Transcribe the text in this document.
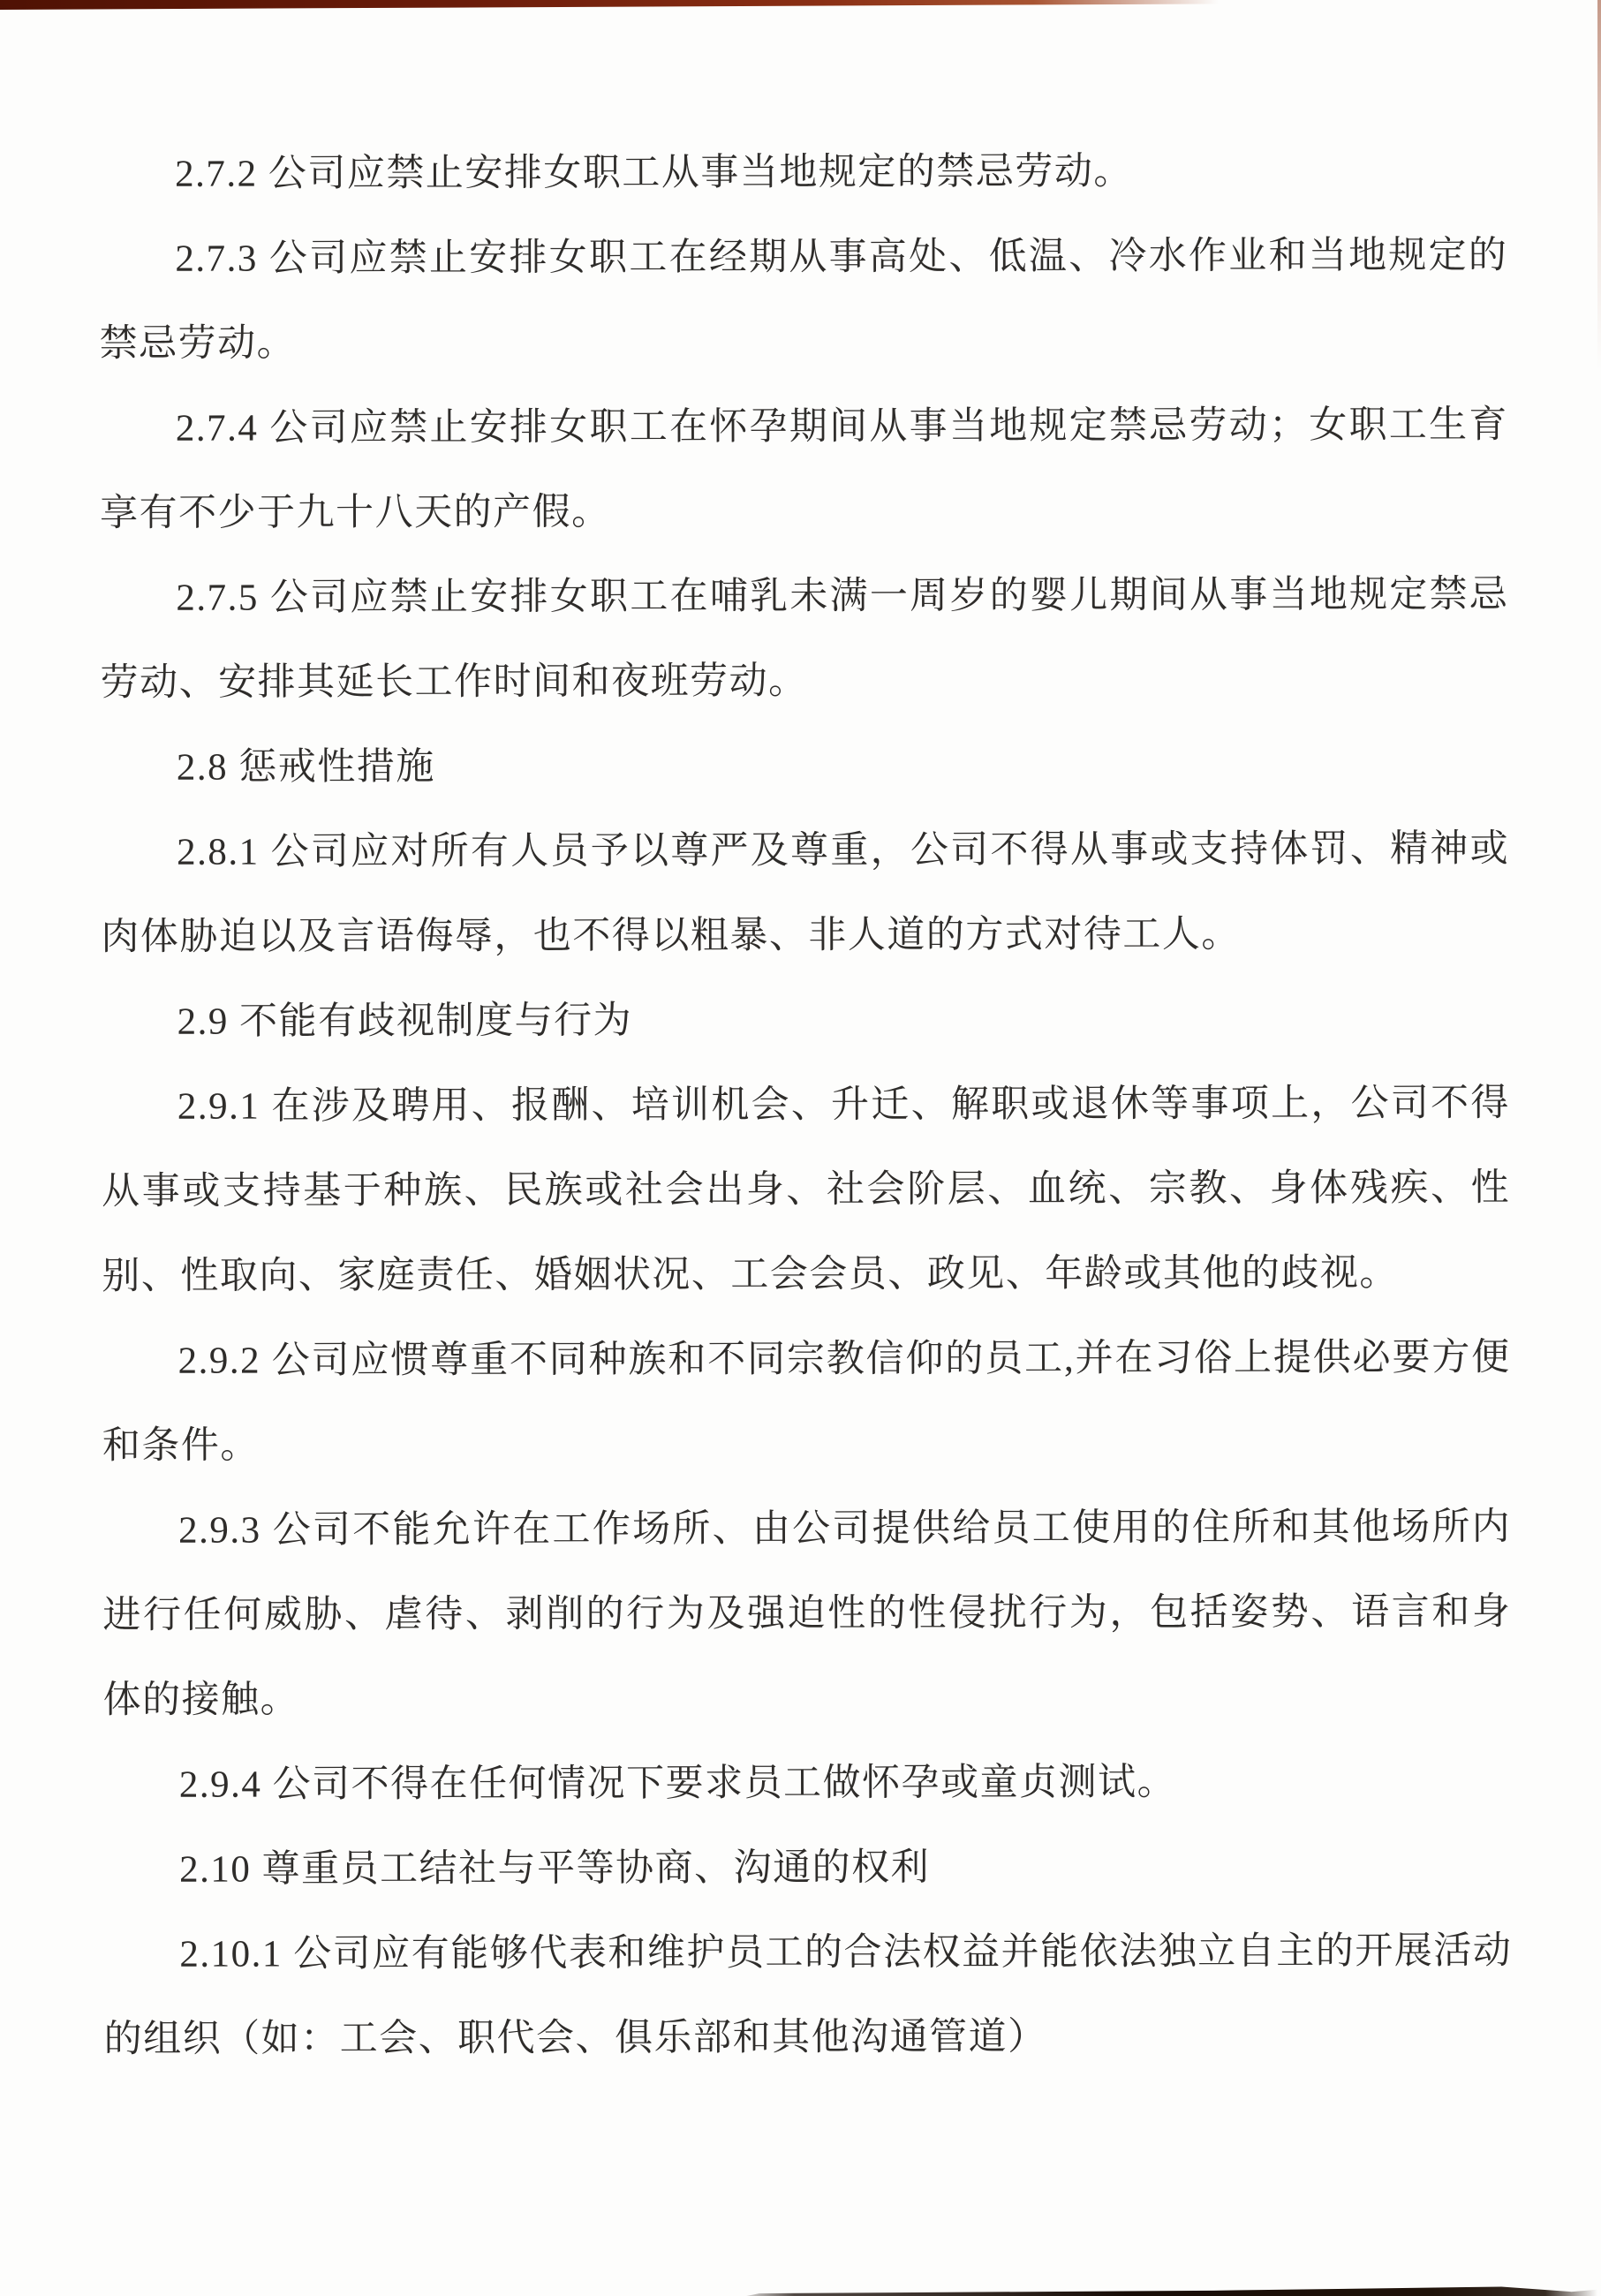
2.7.2 公司应禁止安排女职工从事当地规定的禁忌劳动。

2.7.3 公司应禁止安排女职工在经期从事高处、低温、冷水作业和当地规定的禁忌劳动。

2.7.4 公司应禁止安排女职工在怀孕期间从事当地规定禁忌劳动；女职工生育享有不少于九十八天的产假。

2.7.5 公司应禁止安排女职工在哺乳未满一周岁的婴儿期间从事当地规定禁忌劳动、安排其延长工作时间和夜班劳动。

2.8 惩戒性措施

2.8.1 公司应对所有人员予以尊严及尊重，公司不得从事或支持体罚、精神或肉体胁迫以及言语侮辱，也不得以粗暴、非人道的方式对待工人。

2.9 不能有歧视制度与行为

2.9.1 在涉及聘用、报酬、培训机会、升迁、解职或退休等事项上，公司不得从事或支持基于种族、民族或社会出身、社会阶层、血统、宗教、身体残疾、性别、性取向、家庭责任、婚姻状况、工会会员、政见、年龄或其他的歧视。

2.9.2 公司应惯尊重不同种族和不同宗教信仰的员工,并在习俗上提供必要方便和条件。

2.9.3 公司不能允许在工作场所、由公司提供给员工使用的住所和其他场所内进行任何威胁、虐待、剥削的行为及强迫性的性侵扰行为，包括姿势、语言和身体的接触。

2.9.4 公司不得在任何情况下要求员工做怀孕或童贞测试。

2.10 尊重员工结社与平等协商、沟通的权利

2.10.1 公司应有能够代表和维护员工的合法权益并能依法独立自主的开展活动的组织（如：工会、职代会、俱乐部和其他沟通管道）
